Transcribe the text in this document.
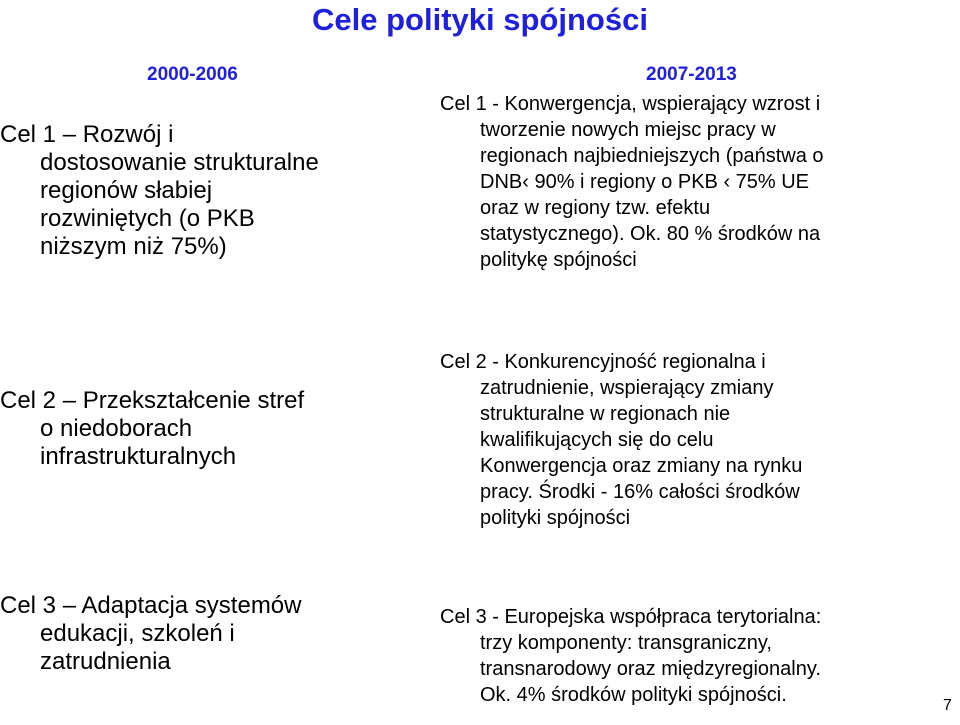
Cele polityki spójności
2000-2006	2007-2013
Cel 1 – Rozwój i
dostosowanie strukturalne
regionów słabiej
rozwiniętych (o PKB
niższym niż 75%)
Cel 2 – Przekształcenie stref
o niedoborach
infrastrukturalnych
Cel 3 – Adaptacja systemów
edukacji, szkoleń i
zatrudnienia
Cel 1 - Konwergencja, wspierający wzrost i
tworzenie nowych miejsc pracy w
regionach najbiedniejszych (państwa o
DNB‹ 90% i regiony o PKB ‹ 75% UE
oraz w regiony tzw. efektu
statystycznego). Ok. 80 % środków na
politykę spójności
Cel 2 - Konkurencyjność regionalna i
zatrudnienie, wspierający zmiany
strukturalne w regionach nie
kwalifikujących się do celu
Konwergencja oraz zmiany na rynku
pracy. Środki - 16% całości środków
polityki spójności
Cel 3 - Europejska współpraca terytorialna:
trzy komponenty: transgraniczny,
transnarodowy oraz międzyregionalny.
Ok. 4% środków polityki spójności.	7
